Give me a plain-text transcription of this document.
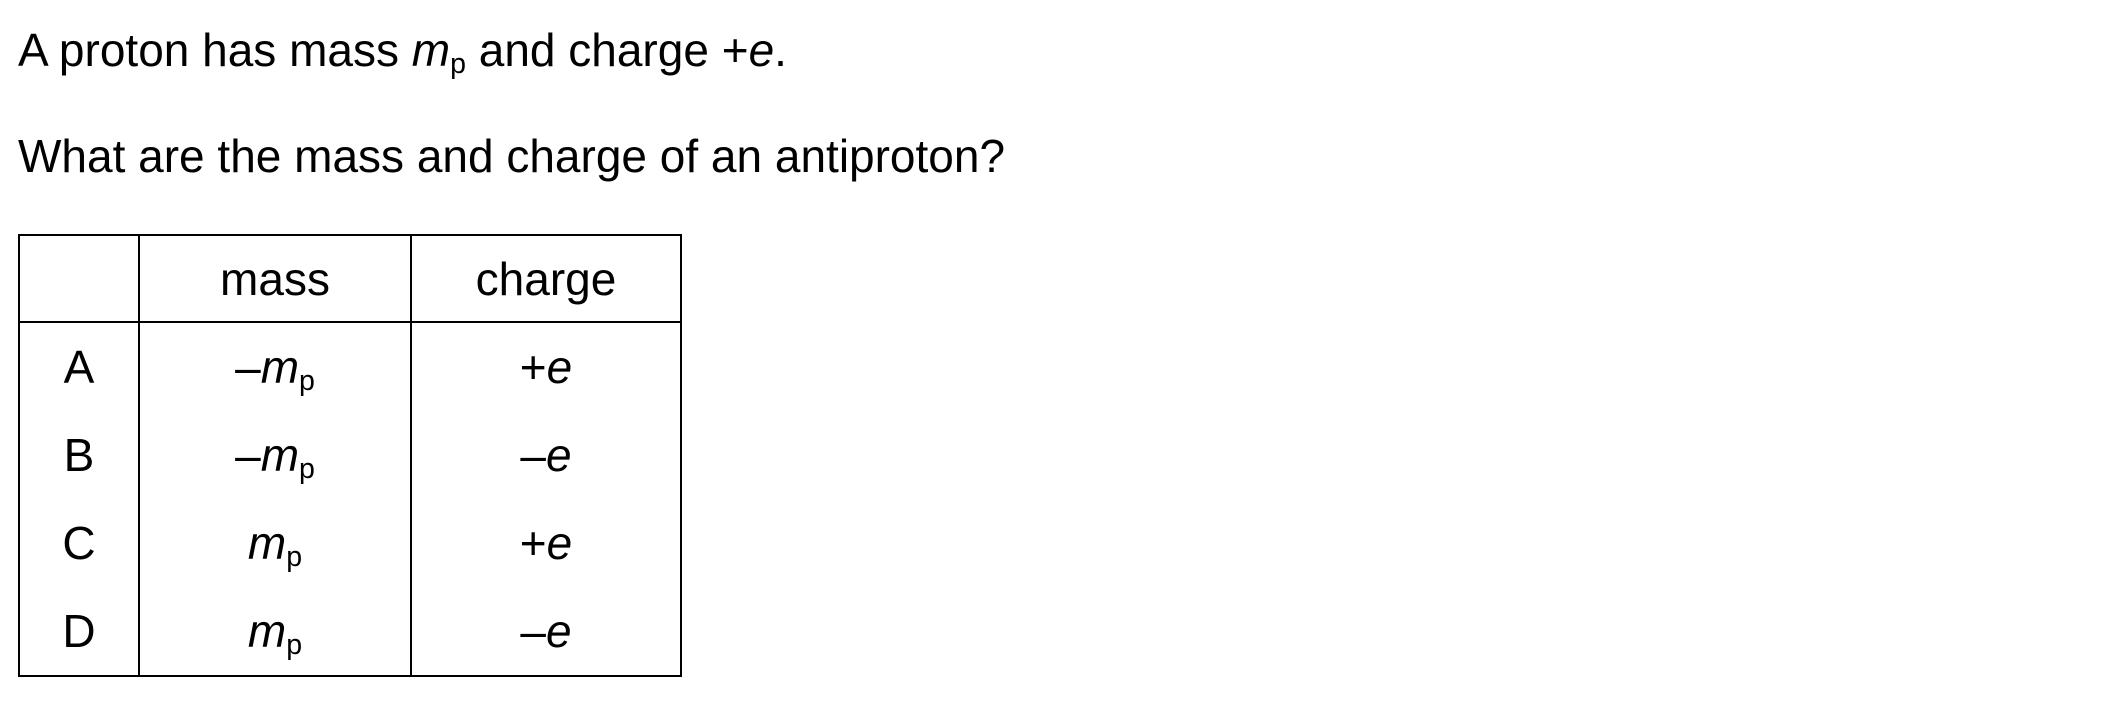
A proton has mass $m_p$ and charge +e.
What are the mass and charge of an antiproton?
	mass	charge
A	$-m_p$	+e
B	$-m_p$	–e
C	$m_p$	+e
D	$m_p$	–e
